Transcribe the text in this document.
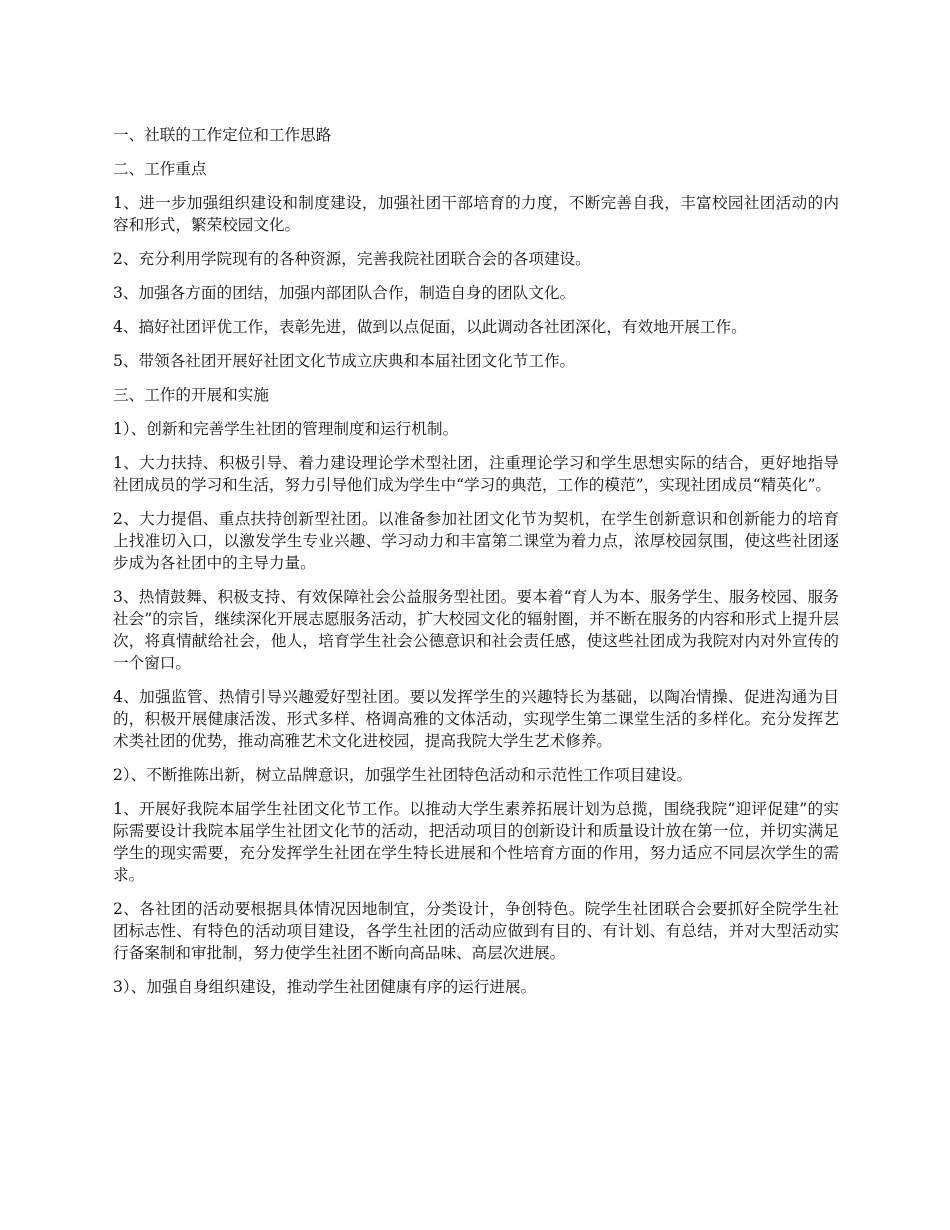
一、社联的工作定位和工作思路

二、工作重点

1、进一步加强组织建设和制度建设，加强社团干部培育的力度，不断完善自我，丰富校园社团活动的内容和形式，繁荣校园文化。

2、充分利用学院现有的各种资源，完善我院社团联合会的各项建设。

3、加强各方面的团结，加强内部团队合作，制造自身的团队文化。

4、搞好社团评优工作，表彰先进，做到以点促面，以此调动各社团深化，有效地开展工作。

5、带领各社团开展好社团文化节成立庆典和本届社团文化节工作。

三、工作的开展和实施

1）、创新和完善学生社团的管理制度和运行机制。

1、大力扶持、积极引导、着力建设理论学术型社团，注重理论学习和学生思想实际的结合，更好地指导社团成员的学习和生活，努力引导他们成为学生中“学习的典范，工作的模范”，实现社团成员“精英化”。

2、大力提倡、重点扶持创新型社团。以准备参加社团文化节为契机，在学生创新意识和创新能力的培育上找准切入口，以激发学生专业兴趣、学习动力和丰富第二课堂为着力点，浓厚校园氛围，使这些社团逐步成为各社团中的主导力量。

3、热情鼓舞、积极支持、有效保障社会公益服务型社团。要本着“育人为本、服务学生、服务校园、服务社会”的宗旨，继续深化开展志愿服务活动，扩大校园文化的辐射圈，并不断在服务的内容和形式上提升层次，将真情献给社会，他人，培育学生社会公德意识和社会责任感，使这些社团成为我院对内对外宣传的一个窗口。

4、加强监管、热情引导兴趣爱好型社团。要以发挥学生的兴趣特长为基础，以陶冶情操、促进沟通为目的，积极开展健康活泼、形式多样、格调高雅的文体活动，实现学生第二课堂生活的多样化。充分发挥艺术类社团的优势，推动高雅艺术文化进校园，提高我院大学生艺术修养。

2）、不断推陈出新，树立品牌意识，加强学生社团特色活动和示范性工作项目建设。

1、开展好我院本届学生社团文化节工作。以推动大学生素养拓展计划为总揽，围绕我院“迎评促建”的实际需要设计我院本届学生社团文化节的活动，把活动项目的创新设计和质量设计放在第一位，并切实满足学生的现实需要，充分发挥学生社团在学生特长进展和个性培育方面的作用，努力适应不同层次学生的需求。

2、各社团的活动要根据具体情况因地制宜，分类设计，争创特色。院学生社团联合会要抓好全院学生社团标志性、有特色的活动项目建设，各学生社团的活动应做到有目的、有计划、有总结，并对大型活动实行备案制和审批制，努力使学生社团不断向高品味、高层次进展。

3）、加强自身组织建设，推动学生社团健康有序的运行进展。
